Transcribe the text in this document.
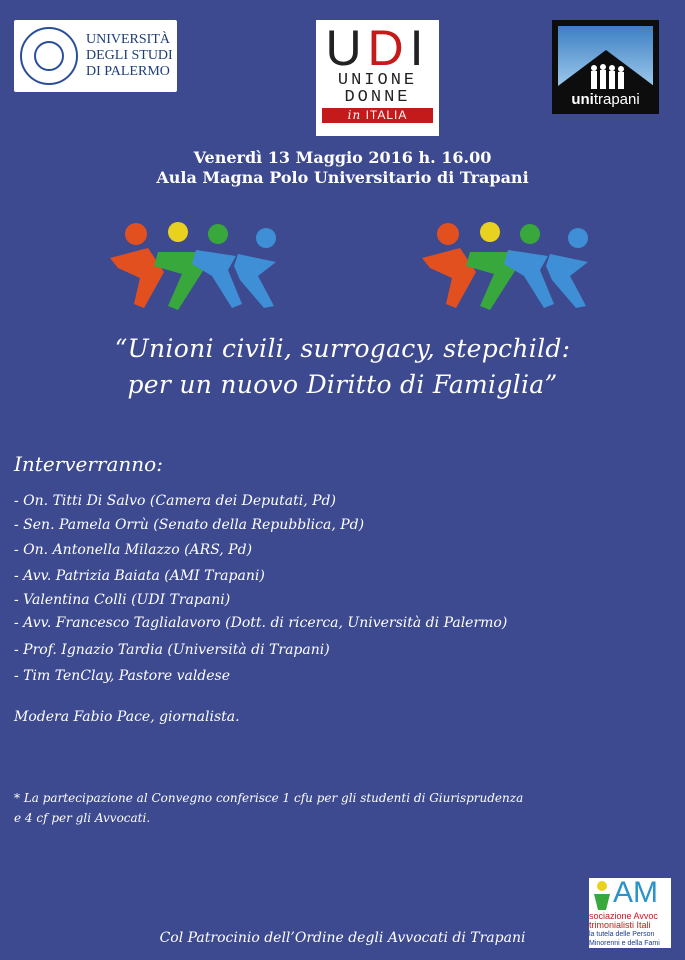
UNIVERSITÀ
DEGLI STUDI
DI PALERMO	UDI
UNIONE
DONNE
in ITALIA
unitrapani
Venerdì 13 Maggio 2016 h. 16.00
Aula Magna Polo Universitario di Trapani
“Unioni civili, surrogacy, stepchild:
per un nuovo Diritto di Famiglia”
Interverranno:
- On. Titti Di Salvo (Camera dei Deputati, Pd)
- Sen. Pamela Orrù (Senato della Repubblica, Pd)
- On. Antonella Milazzo (ARS, Pd)
- Avv. Patrizia Baiata (AMI Trapani)
- Valentina Colli (UDI Trapani)
- Avv. Francesco Taglialavoro (Dott. di ricerca, Università di Palermo)
- Prof. Ignazio Tardia (Università di Trapani)
- Tim TenClay, Pastore valdese
Modera Fabio Pace, giornalista.
* La partecipazione al Convegno conferisce 1 cfu per gli studenti di Giurisprudenza
e 4 cf per gli Avvocati.
AM
sociazione Avvoc
trimonialisti Itali
la tutela delle Person
Minorenni e della Fami
Col Patrocinio dell’Ordine degli Avvocati di Trapani
